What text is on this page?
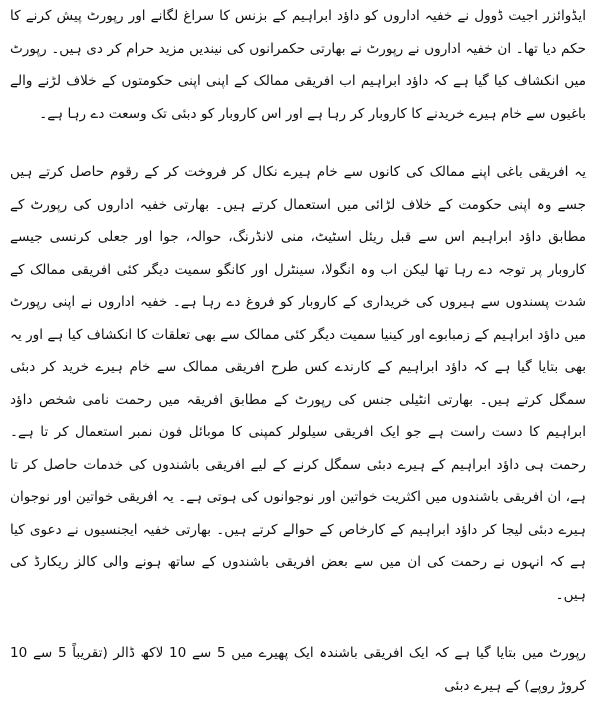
ایڈوائزر اجیت ڈوول نے خفیہ اداروں کو داؤد ابراہیم کے بزنس کا سراغ لگانے اور رپورٹ پیش کرنے کا حکم دیا تھا۔ ان خفیہ اداروں نے رپورٹ نے بھارتی حکمرانوں کی نیندیں مزید حرام کر دی ہیں۔ رپورٹ میں انکشاف کیا گیا ہے کہ داؤد ابراہیم اب افریقی ممالک کے اپنی اپنی حکومتوں کے خلاف لڑنے والے باغیوں سے خام ہیرے خریدنے کا کاروبار کر رہا ہے اور اس کاروبار کو دبئی تک وسعت دے رہا ہے۔

یہ افریقی باغی اپنے ممالک کی کانوں سے خام ہیرے نکال کر فروخت کر کے رقوم حاصل کرتے ہیں جسے وہ اپنی حکومت کے خلاف لڑائی میں استعمال کرتے ہیں۔ بھارتی خفیہ اداروں کی رپورٹ کے مطابق داؤد ابراہیم اس سے قبل ریئل اسٹیٹ، منی لانڈرنگ، حوالہ، جوا اور جعلی کرنسی جیسے کاروبار پر توجہ دے رہا تھا لیکن اب وہ انگولا، سینٹرل اور کانگو سمیت دیگر کئی افریقی ممالک کے شدت پسندوں سے ہیروں کی خریداری کے کاروبار کو فروغ دے رہا ہے۔ خفیہ اداروں نے اپنی رپورٹ میں داؤد ابراہیم کے زمبابوے اور کینیا سمیت دیگر کئی ممالک سے بھی تعلقات کا انکشاف کیا ہے اور یہ بھی بتایا گیا ہے کہ داؤد ابراہیم کے کارندے کس طرح افریقی ممالک سے خام ہیرے خرید کر دبئی سمگل کرتے ہیں۔ بھارتی انٹیلی جنس کی رپورٹ کے مطابق افریقہ میں رحمت نامی شخص داؤد ابراہیم کا دست راست ہے جو ایک افریقی سیلولر کمپنی کا موبائل فون نمبر استعمال کر تا ہے۔ رحمت ہی داؤد ابراہیم کے ہیرے دبئی سمگل کرنے کے لیے افریقی باشندوں کی خدمات حاصل کر تا ہے، ان افریقی باشندوں میں اکثریت خواتین اور نوجوانوں کی ہوتی ہے۔ یہ افریقی خواتین اور نوجوان ہیرے دبئی لیجا کر داؤد ابراہیم کے کارخاص کے حوالے کرتے ہیں۔ بھارتی خفیہ ایجنسیوں نے دعوی کیا ہے کہ انہوں نے رحمت کی ان میں سے بعض افریقی باشندوں کے ساتھ ہونے والی کالز ریکارڈ کی ہیں۔

رپورٹ میں بتایا گیا ہے کہ ایک افریقی باشندہ ایک پھیرے میں 5 سے 10 لاکھ ڈالر (تقریباً 5 سے 10 کروڑ روپے) کے ہیرے دبئی
